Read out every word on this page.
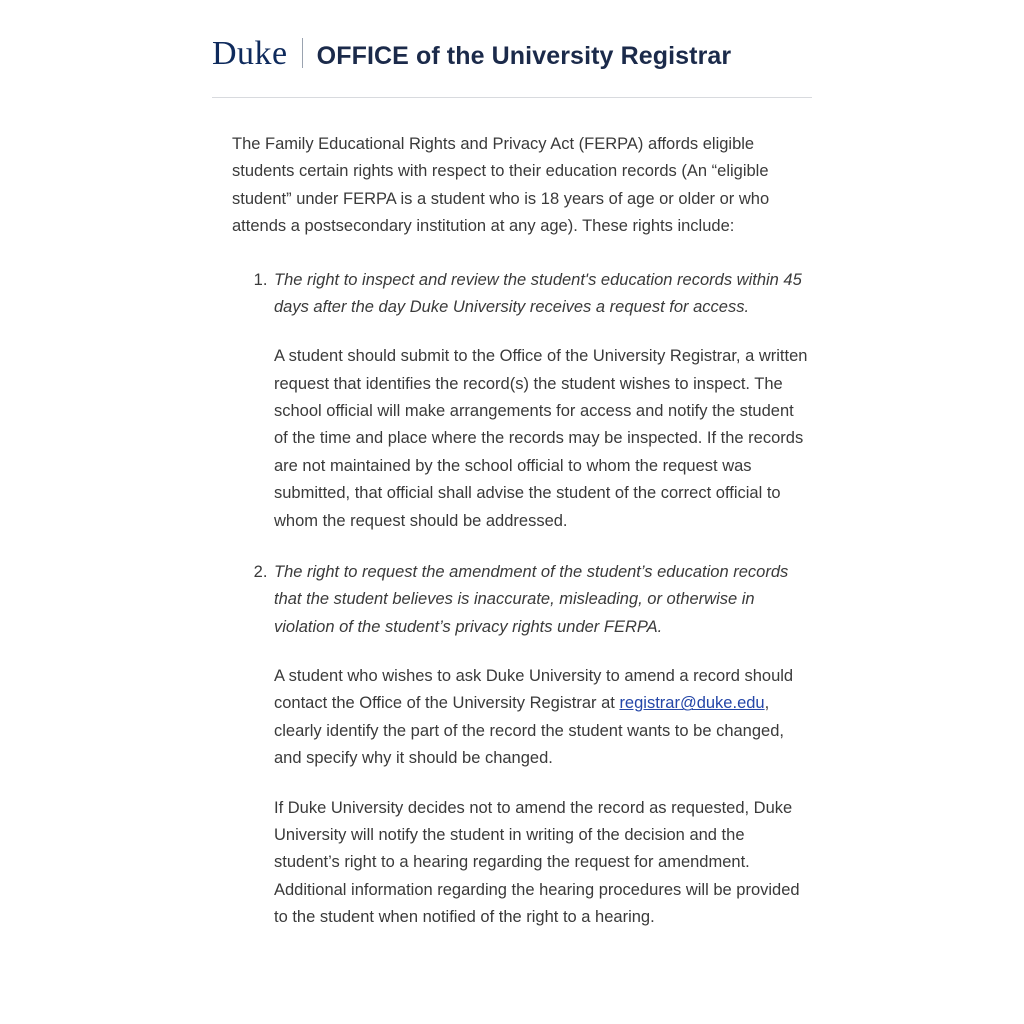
Duke OFFICE of the University Registrar

The Family Educational Rights and Privacy Act (FERPA) affords eligible students certain rights with respect to their education records (An “eligible student” under FERPA is a student who is 18 years of age or older or who attends a postsecondary institution at any age). These rights include:

1. The right to inspect and review the student's education records within 45 days after the day Duke University receives a request for access.

A student should submit to the Office of the University Registrar, a written request that identifies the record(s) the student wishes to inspect. The school official will make arrangements for access and notify the student of the time and place where the records may be inspected. If the records are not maintained by the school official to whom the request was submitted, that official shall advise the student of the correct official to whom the request should be addressed.

2. The right to request the amendment of the student’s education records that the student believes is inaccurate, misleading, or otherwise in violation of the student’s privacy rights under FERPA.

A student who wishes to ask Duke University to amend a record should contact the Office of the University Registrar at registrar@duke.edu, clearly identify the part of the record the student wants to be changed, and specify why it should be changed.

If Duke University decides not to amend the record as requested, Duke University will notify the student in writing of the decision and the student’s right to a hearing regarding the request for amendment. Additional information regarding the hearing procedures will be provided to the student when notified of the right to a hearing.
